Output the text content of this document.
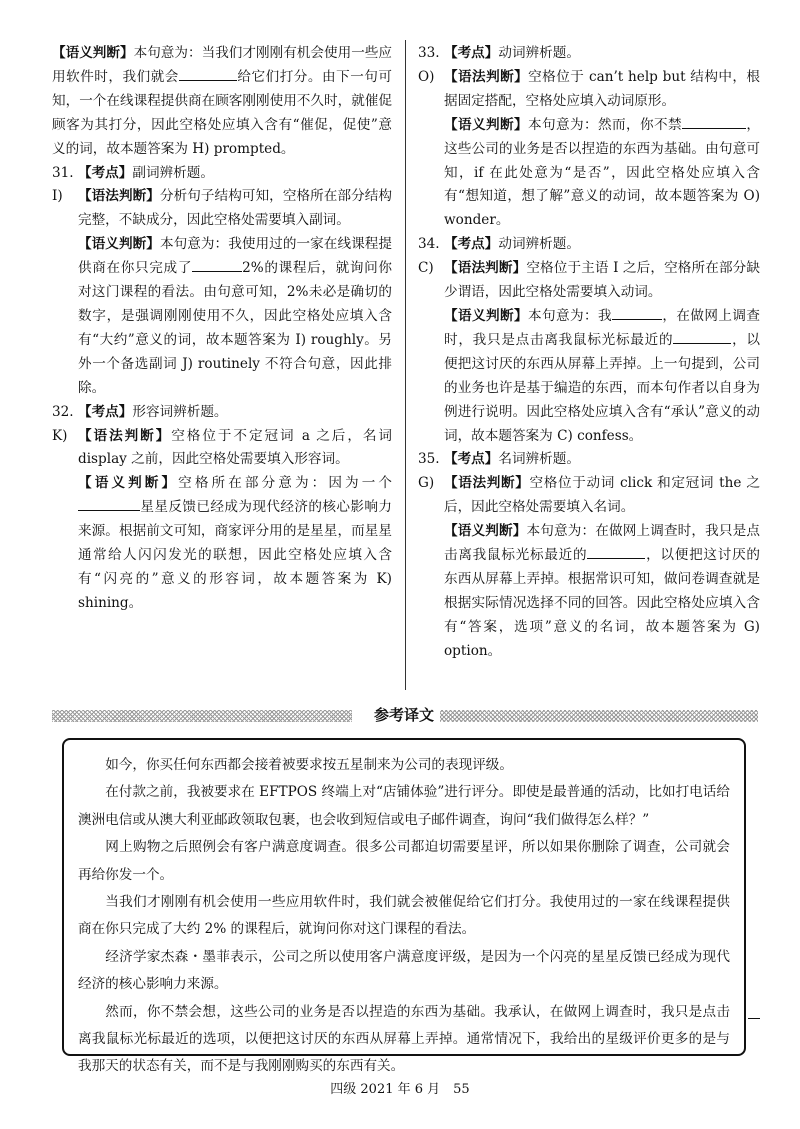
【语义判断】本句意为：当我们才刚刚有机会使用一些应用软件时，我们就会	给它们打分。由下一句可知，一个在线课程提供商在顾客刚刚使用不久时，就催促顾客为其打分，因此空格处应填入含有“催促，促使”意义的词，故本题答案为 H) prompted。

31. 【考点】副词辨析题。
I)	【语法判断】分析句子结构可知，空格所在部分结构完整，不缺成分，因此空格处需要填入副词。

【语义判断】本句意为：我使用过的一家在线课程提供商在你只完成了	2%的课程后，就询问你对这门课程的看法。由句意可知，2%未必是确切的数字，是强调刚刚使用不久，因此空格处应填入含有“大约”意义的词，故本题答案为 I) roughly。另外一个备选副词 J) routinely 不符合句意，因此排除。

32. 【考点】形容词辨析题。
K) 【语法判断】空格位于不定冠词 a 之后，名词 display 之前，因此空格处需要填入形容词。

【语义判断】空格所在部分意为：因为一个星星反馈已经成为现代经济的核心影响力来源。根据前文可知，商家评分用的是星星，而星星通常给人闪闪发光的联想，因此空格处应填入含有“闪亮的”意义的形容词，故本题答案为 K) shining。

33. 【考点】动词辨析题。
O) 【语法判断】空格位于 can’t help but 结构中，根据固定搭配，空格处应填入动词原形。

【语义判断】本句意为：然而，你不禁	，这些公司的业务是否以捏造的东西为基础。由句意可知，if 在此处意为“是否”，因此空格处应填入含有“想知道，想了解”意义的动词，故本题答案为 O) wonder。

34. 【考点】动词辨析题。
C) 【语法判断】空格位于主语 I 之后，空格所在部分缺少谓语，因此空格处需要填入动词。

【语义判断】本句意为：我	，在做网上调查时，我只是点击离我鼠标光标最近的	，以便把这讨厌的东西从屏幕上弄掉。上一句提到，公司的业务也许是基于编造的东西，而本句作者以自身为例进行说明。因此空格处应填入含有“承认”意义的动词，故本题答案为 C) confess。

35. 【考点】名词辨析题。
G) 【语法判断】空格位于动词 click 和定冠词 the 之后，因此空格处需要填入名词。

【语义判断】本句意为：在做网上调查时，我只是点击离我鼠标光标最近的	，以便把这讨厌的东西从屏幕上弄掉。根据常识可知，做问卷调查就是根据实际情况选择不同的回答。因此空格处应填入含有“答案，选项”意义的名词，故本题答案为 G) option。

参考译文

如今，你买任何东西都会接着被要求按五星制来为公司的表现评级。

在付款之前，我被要求在 EFTPOS 终端上对“店铺体验”进行评分。即使是最普通的活动，比如打电话给澳洲电信或从澳大利亚邮政领取包裹，也会收到短信或电子邮件调查，询问“我们做得怎么样？”

网上购物之后照例会有客户满意度调查。很多公司都迫切需要星评，所以如果你删除了调查，公司就会再给你发一个。

当我们才刚刚有机会使用一些应用软件时，我们就会被催促给它们打分。我使用过的一家在线课程提供商在你只完成了大约 2% 的课程后，就询问你对这门课程的看法。

经济学家杰森・墨菲表示，公司之所以使用客户满意度评级，是因为一个闪亮的星星反馈已经成为现代经济的核心影响力来源。

然而，你不禁会想，这些公司的业务是否以捏造的东西为基础。我承认，在做网上调查时，我只是点击离我鼠标光标最近的选项，以便把这讨厌的东西从屏幕上弄掉。通常情况下，我给出的星级评价更多的是与我那天的状态有关，而不是与我刚刚购买的东西有关。

四级 2021 年 6 月　55
